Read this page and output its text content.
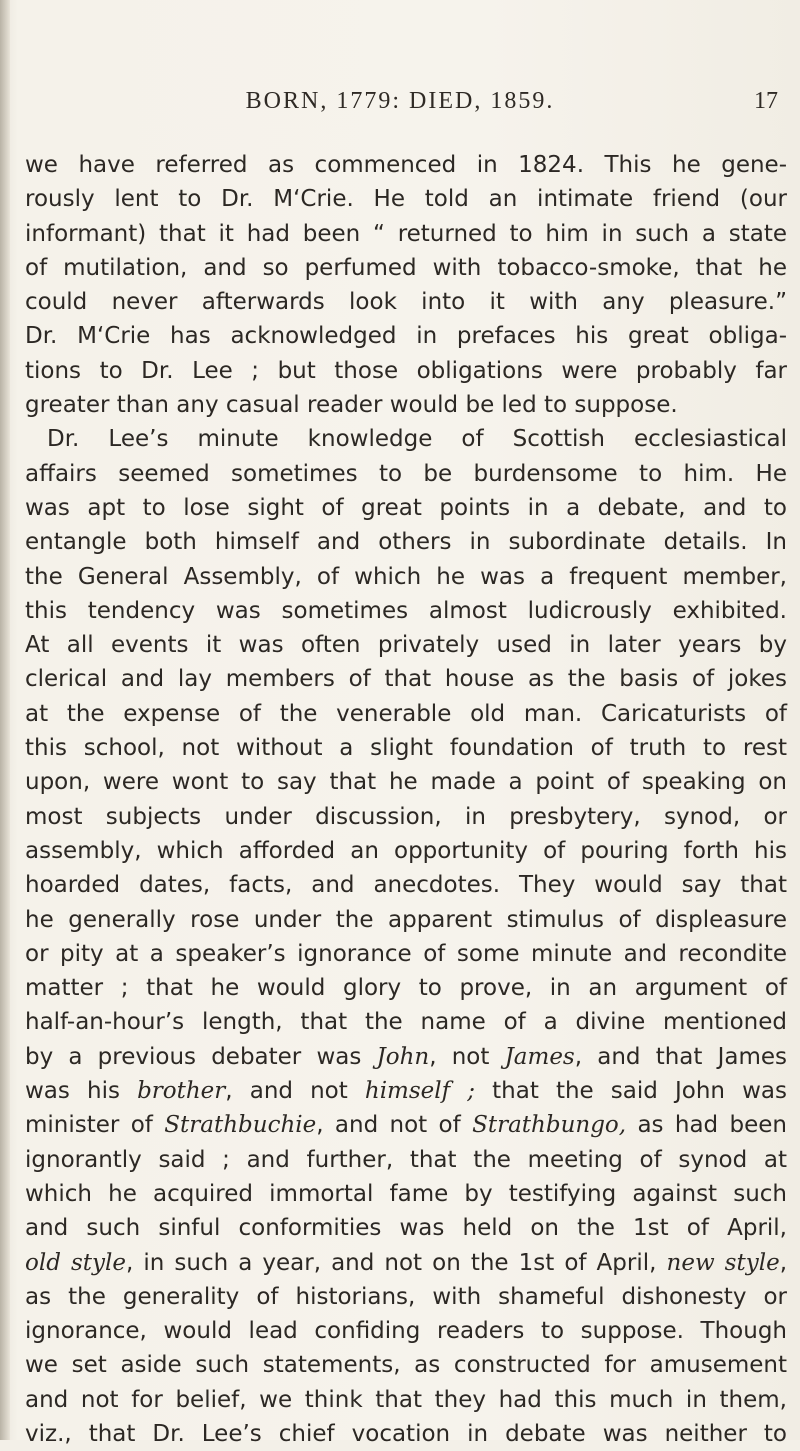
BORN, 1779: DIED, 1859.	17
we have referred as commenced in 1824. This he gene-
rously lent to Dr. M‘Crie. He told an intimate friend (our
informant) that it had been “ returned to him in such a state
of mutilation, and so perfumed with tobacco-smoke, that he
could never afterwards look into it with any pleasure.”
Dr. M‘Crie has acknowledged in prefaces his great obliga-
tions to Dr. Lee ; but those obligations were probably far
greater than any casual reader would be led to suppose.
Dr. Lee’s minute knowledge of Scottish ecclesiastical
affairs seemed sometimes to be burdensome to him. He
was apt to lose sight of great points in a debate, and to
entangle both himself and others in subordinate details. In
the General Assembly, of which he was a frequent member,
this tendency was sometimes almost ludicrously exhibited.
At all events it was often privately used in later years by
clerical and lay members of that house as the basis of jokes
at the expense of the venerable old man. Caricaturists of
this school, not without a slight foundation of truth to rest
upon, were wont to say that he made a point of speaking on
most subjects under discussion, in presbytery, synod, or
assembly, which afforded an opportunity of pouring forth his
hoarded dates, facts, and anecdotes. They would say that
he generally rose under the apparent stimulus of displeasure
or pity at a speaker’s ignorance of some minute and recondite
matter ; that he would glory to prove, in an argument of
half-an-hour’s length, that the name of a divine mentioned
by a previous debater was John, not James, and that James
was his brother, and not himself ; that the said John was
minister of Strathbuchie, and not of Strathbungo, as had been
ignorantly said ; and further, that the meeting of synod at
which he acquired immortal fame by testifying against such
and such sinful conformities was held on the 1st of April,
old style, in such a year, and not on the 1st of April, new style,
as the generality of historians, with shameful dishonesty or
ignorance, would lead confiding readers to suppose. Though
we set aside such statements, as constructed for amusement
and not for belief, we think that they had this much in them,
viz., that Dr. Lee’s chief vocation in debate was neither to
